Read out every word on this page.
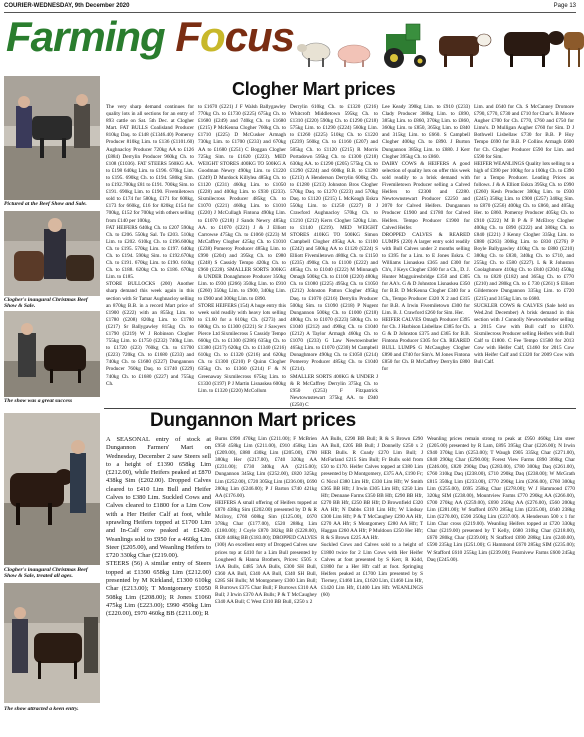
COURIER-WEDNESDAY, 9th December 2020	Page 13
Farming Focus
Pictured at the Beef Show and Sale.
Clogher's inaugural Christmas Beef Show & Sale.
The show was a great success
Clogher Mart prices
The very sharp demand continues for quality lots in all sections for an entry of 893 cattle on Sat. 5th Dec. at Clogher Mart. FAT BULLS Coalisland Producer 810kg Daq. to £148 (£1346.40) Pomeroy Producer 810kg Lim. to £136 (£1101.60) Aughnacloy Producer 720kg AA to £126 (£884) Derrylin Producer 960kg Ch. to £108 (£1036). FAT STEERS 560KG AA. to £198 640kg Lim. to £196. 670kg Lim. to £195. 690kg Ch. to £194. 580kg Sim. to £192.700kg £81 to £191. 700kg Sim. to £191. 690kg Lim. to £190. Fivemiletown sold to £174 for 580kg, £171 for 608kg, £173 for 660kg, £16 for 820kg £154 for 700kg, £152 for 700kg with others selling from £140 per 100kg.
FAT HEIFERS 640kg Ch. to £207 590kg Ch. to £206. 550kg Sal. To £203. 510kg Lim. to £202. 610kg Ch. to £196.600kg Ch. to £195. 570kg Lim. to £197. 640kg Ch. to £194. 590kg Sim. to £192.670kg Ch. to £191. 670kg Lim. to £190. 610kg Ch. to £188. 620kg Ch. to £186. 670kg Lim. to £185.
STORE BULLOCKS (200) Another sharp demand this week again in this section with Sr Tamar Aughnacloy selling an 870kg B.B. in a record Mart price of £1900 (£222) with an 855kg Lim. to £1780 (£208) 820kg Lim. to £1780 (£217) Sr Ballygawley 815kg Ch. to £1790 (£219) W J Robinson Clogher 755kg Lim. to £1750 (£232) 740kg Lim. to £1720 (£23) 760kg Ch. to £1700 (£223) 720kg Ch. to £1680 (£233) and 740kg Ch. to £1680 (£227) Dungannon Producer 760kg Daq. to £1740 (£229) 740kg Ch. to £1680 (£227) and 755kg Ch.
to £1670 (£221) J F Walsh Ballygawley 770kg Ch. to £1730 (£225) 675kg Ch. to £1680 (£249) and 740kg Ch. to £1680 (£215) P McKenna Clogher 760kg Ch. to £1710 (£225) D McCusker Armagh 730kg Lim. to £1700 (£233) and 670kg AA to £1680 (£251) C Boggan Clogher 725kg Sim. to £1620 (£223). MED WEIGHT STORES 400KG TO 500KG A Goodman Newry 490kg Lim. to £1220 (£249) D Murdock Killylea 485kg Ch. to £1120 (£231) 460kg Lim. to £1050 (£228) and 400kg Lim. to £930 (£233). Sixmilecross Producer 485kg Ch. to £1070 (£221) 460kg Lim. to £1010 (£220) J McCullagh Fintona 490kg Lim. to £1070 (£218) J Sands Newry 485kg AA. to £1070 (£221) J & J Elliott Carrowse 475kg Ch. to £1060 (£223) M McCaffrey Clogher 425kg Ch. to £1010 (£238) Pomeroy Producer 485kg Lim. to £990 (£204) and 395kg Ch. to £980 (£248) S Cassidy Tempo 420kg Ch. to £960 (£228). SMALLER SORTS 300KG & UNDER Donaghmore Producer 350kg Lim. to £930 (£266) 350kg Lim. to £910 (£260) 350kg Lim. to £900, 340kg Lim. to £900 and 300kg Lim. to £890.
STORE HEIFERS (154) A huge entry this week sold readily with heavy lots selling to £1.60 for a 610kg Ch. (£273) and 600kg Ch. to £1300 (£221) Sr J Sawyers Pierce Ltd Sixmilecross 5 Cassidy Tempo 660kg Ch. to £1300 (£286) 635kg Ch. to £1380 (£217) 620kg Ch. to £1340 (£216) 610kg Ch. to £1320 (£216) and 620kg Ch. to £1300 (£210) P Quinn Clogher 635kg Ch. to £1360 (£214) F & N Greenaway Sixmilecross 675kg Lim. to £1330 (£197) P J Martin Lisnaskea 600kg Lim. to £1320 (£220) McCollum
Derrylin 610kg Ch. to £1320 (£216) Whitcroft Middletown 595kg Ch. to £1310 (£220) 590kg Ch. to £1290 (£218) 575kg Lim. to £1290 (£224) 560kg Lim. to £1260 (£225) 510kg Ch. to £1220 (£239) 560kg Ch. to £1160 (£207) and 505kg Ch. to £1120 (£215) R Morris Portadown 595kg Ch. to £1300 (£218) 630kg AA. to £1290 (£205) 575kg Ch. to £1290 (£224) and 600kg B.B. to £1280 (£213) A Henderson Derrylin 600kg Ch. to £1280 (£213) Johnston Bros Clogher 570kg Daq. to £1270 (£223) and 570kg Daq. to £1120 (£215) L McKeagh Eskra 550kg Lim. to £1250 (£227) B J Crawford Aughnacloy 570kg Ch. to £1210 (£212) Kerrs Clogher 520kg Lim. to £1140 (£219). MED WEIGHT STORES 410KG TO 500KG Simon Campbell Clogher 495kg AA. to £1100 (£242) and 500kg AA to £1120 (£224) S Elliott Fivemiletown 480kg Ch. to £1150 (£235) 490kg Ch. to £1100 (£222) and 485kg Ch. to £1040 (£222) M Minnaugh Omagh 500kg Ch. to £1100 (£220) 480kg Ch. to £1080 (£225) 495kg Ch. to £1050 (£212) Johnston Patton Clogher 495kg Daq. to £1070 (£216) Derrylin Producer 500kg Sim. to £1090 (£218) P Nugent Dungannon 500kg Ch. to £1000 (£218) 480kg Ch. to £1070 (£223) 500kg Ch. to £1040 (£212) and 490kg Ch. to £1040 (£212) A Taylor Armagh 460kg Ch. to £1070 (£233) G Law Newtownbutler 465kg Lim. to £1070 (£230) M Campbell Donaghmore 490kg Ch. to £1050 (£214) Pomeroy Producer 485kg Ch. to £1040 (£214).
SMALLER SORTS 400KG & UNDER J & R McCaffrey Derrylin 375kg Ch. to £950 (£253) F Fitzpatrick Newtownstewart 375kg AA. to £940 (£250) C
Lee Keady 390kg Lim. to £910 (£233) Clady Producer 380kg Lim. to £890, 385kg Lim. to £860, 370kg Lim. to £860, 360kg Lim. to £850, 365kg Lim. to £840 and 315kg Lim. to £660. S Campbell Clogher 400kg Ch. to £890. J Burton Dungannon 385kg Lim. to £880. J Kerr Clogher 395kg Ch. to £860.
DAIRY COWS & HEIFERS A good selection of quality lots on offer this week sold readily to a brisk demand with Fivemiletown Producer selling a Calved Heifers to £2300 and £2280. Newtownstewart Producer £2250 and 2070 for Calved Heifers. Dungannon Producer £1900 and £1780 for Calved Heifers. Tempo Producer £1900 for Calved Heifer.
DROPPED CALVES & REARED LUMPS (220) A larger entry sold readily with Bull Calves under 2 months selling to £395 for a Lim. to E Jones Eskra. C Williams Lisnaskea £365 and £300 for Ch's, J Keys Clogher £360 for a Ch., D. J. Hunter Magguiresbridge £350 and £305 for AA's. G & D Johnston Lisnaskea £350 for B.B. D McKenna Clogher £340 for a Ch., Tempo Producer £320 X 2 and £315 for B.B. A Irwin Fivemiletown £300 for Lim. B. J. Crawford £260 for Sim. Her.
HEIFER CALVES Omagh Producer £395 for Ch. J Harbison Lisbellaw £385 for Ch. G & D Johnston £375 and £365 for B.B. Fintona Producer £305 for Ch. REARED BULL LUMPS G McCaughey Clogher £890 and £740 for Sim's. M Jones Fintona £850 for Ch. B McCaffrey Derrylin £800 for
Lim. and £640 for Ch. S McCanney Dromore £790, £770, £730 and £710 for Char's. B Moore Augher £700 for Ch. £770, £760 and £750 for Limo's. D Mulligan Augher £760 for Sim. D J Bothwell Lisbellaw £730 for B.B. P Hoy Tempo £690 for B.B. P Collins Armagh £600 for Ch. Clogher Producer £590 for Lim. and £590 for Sim.
HEIFER WEANLINGS Quality lots selling to a high of £390 per 100kg for a 100kg Ch. to £390 for a Tempo Producer. Leading Prices as follows. J & A Elliott Eskra 395kg Ch. to £990 (£260) Kesh Producer 380kg Lim. to £930 (£245) 350kg Lim. to £900 (£257) 340kg Sim. to £870 (£256) 400kg Ch. to £860, and 405kg Her. to £860. Pomeroy Producer 405kg Ch. to £910 (£222) M B P & F McElroy Clogher 400kg Ch. to £890 (£222) and 380kg Ch. to £840 (£221) J Kenny Clogher 335kg Lim. to £880 (£263) 300kg Lim. to £830 (£276) P Boyle Ballygawley 410kg Ch. to £880 (£210) 380kg Ch. to £830, 340kg Ch. to £710, and 255kg Ch. to £580 (£227). L & R Johnston Coolaghmore 410kg Ch. to £840 (£204) 450kg Ch. to £820 (£182) and 365kg Ch. to £770 (£210) and 280kg Ch. to £ 730 (£261) S Elliott Gildermore Dungannon 335kg Lim. to £720 (£215) and 315kg Lim. to £680.
SUCKLER COWS & CALVES (Sale held on Wed.2nd December) A brisk demand in this section with J Connolly Newtownbutler selling a 2015 Cow with Bull calf to £1870. Sixmilecross Producer selling Heifers with Bull Calf to £1800. C Fee Tempo £1580 for 2013 Cow with Heifer Calf, £1460 for 2015 Cow with Heifer Calf and £1320 for 2009 Cow with Bull Calf.
Dungannon Mart prices
Clogher's inaugural Christmas Beef Show & Sale, treated all ages.
The show attracted a keen entry.
A SEASONAL entry of stock at Dungannon Farmers' Mart on Wednesday, December 2 saw Steers sell to a height of £1390 658kg Lim (£212.00), while Heifers peaked at £870 438kg Sim (£202.00). Dropped Calves cleared to £410 Lim Bull and Heifer Calves to £380 Lim. Suckled Cows and Calves cleared to £1800 for a Lim Cow with a Her Heifer Calf at foot, while sprawling Heifers topped at £1700 Lim and In-Calf cow peaked at £1420. Weanlings sold to £950 for a 460kg Lim Steer (£205.00), and Weanling Heifers to £720 330kg Char (£219.00).
STEERS (56) A similar entry of Steers topped at £1390 658kg Lim (£212.00) presented by M Kirkland, £1300 610kg Char (£213.00); T Montgomery £1050 508kg Lim (£208.00); R Jones £1060 475kg Lim (£223.00); £990 450kg Lim (£220.00), £970 460kg BB (£211.00); R
Burns £990 470kg Lim (£211.00); F McBrien £950 458kg Lim (£211.00), £910 450kg Lim (£209.00), £880 430kg Lim (£205.00), £780 380kg Her (£217.00), £740 320kg AA (£231.00); £730 340kg AA (£215.00); Dungannon 345kg Lim (£252.00), £820 325kg Lim (£252.00), £720 305kg Lim (£236.00), £690 280kg Lim (£246.00); P J Barton £740 421kg AA (£176.00).
HEIFERS A small offering of Heifers topped at £870 438kg Sim (£202.00) presented by D & R Mcilroy, £760 608kg Sim (£125.00), £670 378kg Char (£177.00), £520 288kg Lim (£180.00); J Coyle £870 382kg BB (£228.00), £820 448kg BB (£183.00); DROPPED CALVES (100) An excellent entry of Dropped Calves saw prices top at £410 for a Lim Bull presented by Lougheed & Hanna Brothers, Prices: £505 x 1AA Bulls, £485 3AA Bulls, £300 SH Bull, £360 AA Bull, £340 AA Bull, £340 SH Bull, £285 SH Bulls; M Montgomery £300 Lim Bull; R Burrows £375 Char Bull; F Burrows £310 AA Bull; J Irwin £370 AA Bulls; P & T McCaughey £340 AA Bull; C West £310 BB Bull, £250 x 2
AA Bulls, £290 BB Bull; R & S Brown £290 AA Bull, £205 BB Bull; J Donnelly £250 x 2 HER Bulls. R Coady £270 Lim Bull; J McFarland £215 Sim Bull; Fr Bulls sold from £50 to £170. Heifer Calves topped at £380 Lim presented by D Montgomery, £375 AA, £190 Fr; G Nicol £380 Lim Hfr, £330 Lim Hfr; W Smith £365 BB Hfr; J Irwin £305 Lim Hfr, £250 Lim Hfr; Dennane Farms £350 BB Hfr, £290 BB Hfr, £270 BB Hfr, £250 BB Hfr; D Brownfield £320 AA Hfr; N Dabbs £310 Lim Hfr; W Lindsay £300 Lim Hfr; P & T McCaughey £290 AA Hfr, £270 AA Hfr; S Montgomery £280 AA Hfr; T Haggan £260 AA Hfr; P Muldoon £250 Her Hfr; R & S Brown £225 AA Hfr.
Suckled Cows and Calves sold to a height of £1800 twice for 2 Lim Cows with Her Heifer Calves at foot presented by S Kerr, R Kidd, £1800 for a Her Hfr calf at foot. Springing Heifers peaked at £1700 Lim presented by S Tierney, £1460 Lim, £1620 Lim, £1460 Lim Hfr, £1420 Lim Hfr, £1400 Lim Hfr. WEANLINGS (60)
Weanling prices remain strong to peak at £950 460kg Lim steer (£205.00) presented by R Lam, £895 395kg Char (£226.00); N Irwin £940 370kg Lim (£253.00); T Waugh £905 335kg Char (£271.00), £840 290kg Char (£290.00); Forest View Farms £890 360kg Char (£246.00), £820 290kg Daq (£283.00), £780 300kg Daq (£261.00), £760 310kg Daq (£238.00), £710 290kg Daq (£238.00); W McGrath £815 350kg Lim (£233.00), £770 290kg Lim (£266.00), £760 300kg Lim (£255.00), £695 250kg Char (£278.00); W J Hammond £770 320kg SIM (£238.00), Mountview Farms £770 290kg AA (£266.00), £700 270kg AA (£259.00), £690 250kg AA (£276.00), £560 200kg Lim (£281.00); W Stafford £670 285kg Lim (£235.00), £640 238kg Lim (£270.00), £590 250kg Lim (£237.00). A Henderson 500 x 1 for Lim Char cross (£219.00). Weanling Heifers topped at £720 330kg Char (£219.00) presented by T Kelly, £680 310kg Char (£218.00), £670 280kg Char (£239.00); N Stafford £690 288kg Lim (£240.00), £590 235kg Lim (£251.00); G Hammond £670 285kg SIM (£235.00); W Stafford £610 255kg Lim (£239.00); Fearnivew Farms £600 245kg Daq (£245.00).
